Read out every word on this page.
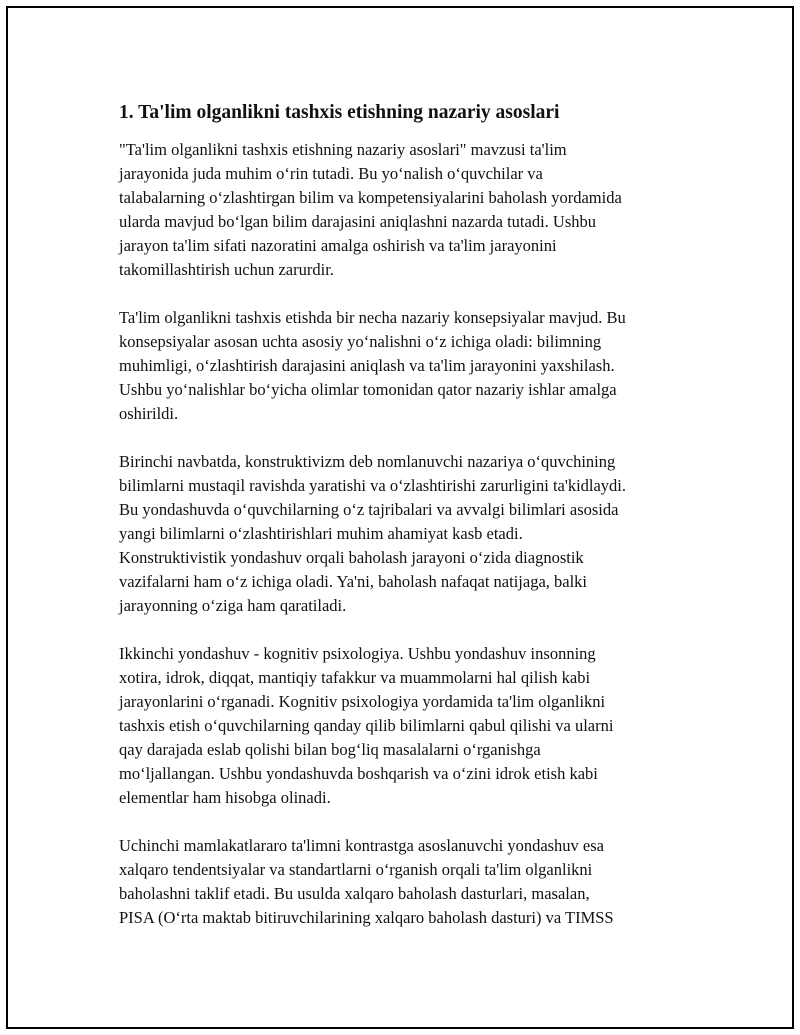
1. Ta'lim olganlikni tashxis etishning nazariy asoslari

"Ta'lim olganlikni tashxis etishning nazariy asoslari" mavzusi ta'lim
jarayonida juda muhim o‘rin tutadi. Bu yo‘nalish o‘quvchilar va
talabalarning o‘zlashtirgan bilim va kompetensiyalarini baholash yordamida
ularda mavjud bo‘lgan bilim darajasini aniqlashni nazarda tutadi. Ushbu
jarayon ta'lim sifati nazoratini amalga oshirish va ta'lim jarayonini
takomillashtirish uchun zarurdir.

Ta'lim olganlikni tashxis etishda bir necha nazariy konsepsiyalar mavjud. Bu
konsepsiyalar asosan uchta asosiy yo‘nalishni o‘z ichiga oladi: bilimning
muhimligi, o‘zlashtirish darajasini aniqlash va ta'lim jarayonini yaxshilash.
Ushbu yo‘nalishlar bo‘yicha olimlar tomonidan qator nazariy ishlar amalga
oshirildi.

Birinchi navbatda, konstruktivizm deb nomlanuvchi nazariya o‘quvchining
bilimlarni mustaqil ravishda yaratishi va o‘zlashtirishi zarurligini ta'kidlaydi.
Bu yondashuvda o‘quvchilarning o‘z tajribalari va avvalgi bilimlari asosida
yangi bilimlarni o‘zlashtirishlari muhim ahamiyat kasb etadi.
Konstruktivistik yondashuv orqali baholash jarayoni o‘zida diagnostik
vazifalarni ham o‘z ichiga oladi. Ya'ni, baholash nafaqat natijaga, balki
jarayonning o‘ziga ham qaratiladi.

Ikkinchi yondashuv - kognitiv psixologiya. Ushbu yondashuv insonning
xotira, idrok, diqqat, mantiqiy tafakkur va muammolarni hal qilish kabi
jarayonlarini o‘rganadi. Kognitiv psixologiya yordamida ta'lim olganlikni
tashxis etish o‘quvchilarning qanday qilib bilimlarni qabul qilishi va ularni
qay darajada eslab qolishi bilan bog‘liq masalalarni o‘rganishga
mo‘ljallangan. Ushbu yondashuvda boshqarish va o‘zini idrok etish kabi
elementlar ham hisobga olinadi.

Uchinchi mamlakatlararo ta'limni kontrastga asoslanuvchi yondashuv esa
xalqaro tendentsiyalar va standartlarni o‘rganish orqali ta'lim olganlikni
baholashni taklif etadi. Bu usulda xalqaro baholash dasturlari, masalan,
PISA (O‘rta maktab bitiruvchilarining xalqaro baholash dasturi) va TIMSS
